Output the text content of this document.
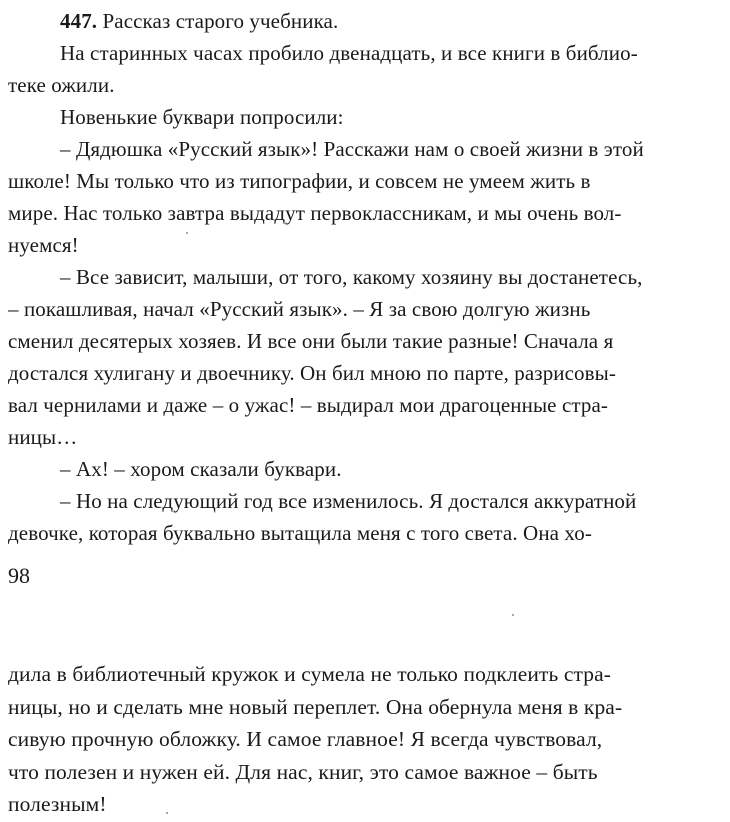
447. Рассказ старого учебника.
На старинных часах пробило двенадцать, и все книги в библио-
теке ожили.
Новенькие буквари попросили:
– Дядюшка «Русский язык»! Расскажи нам о своей жизни в этой
школе! Мы только что из типографии, и совсем не умеем жить в
мире. Нас только завтра выдадут первоклассникам, и мы очень вол-
нуемся!
– Все зависит, малыши, от того, какому хозяину вы достанетесь,
– покашливая, начал «Русский язык». – Я за свою долгую жизнь
сменил десятерых хозяев. И все они были такие разные! Сначала я
достался хулигану и двоечнику. Он бил мною по парте, разрисовы-
вал чернилами и даже – о ужас! – выдирал мои драгоценные стра-
ницы…
– Ах! – хором сказали буквари.
– Но на следующий год все изменилось. Я достался аккуратной
девочке, которая буквально вытащила меня с того света. Она хо-
98
дила в библиотечный кружок и сумела не только подклеить стра-
ницы, но и сделать мне новый переплет. Она обернула меня в кра-
сивую прочную обложку. И самое главное! Я всегда чувствовал,
что полезен и нужен ей. Для нас, книг, это самое важное – быть
полезным!
